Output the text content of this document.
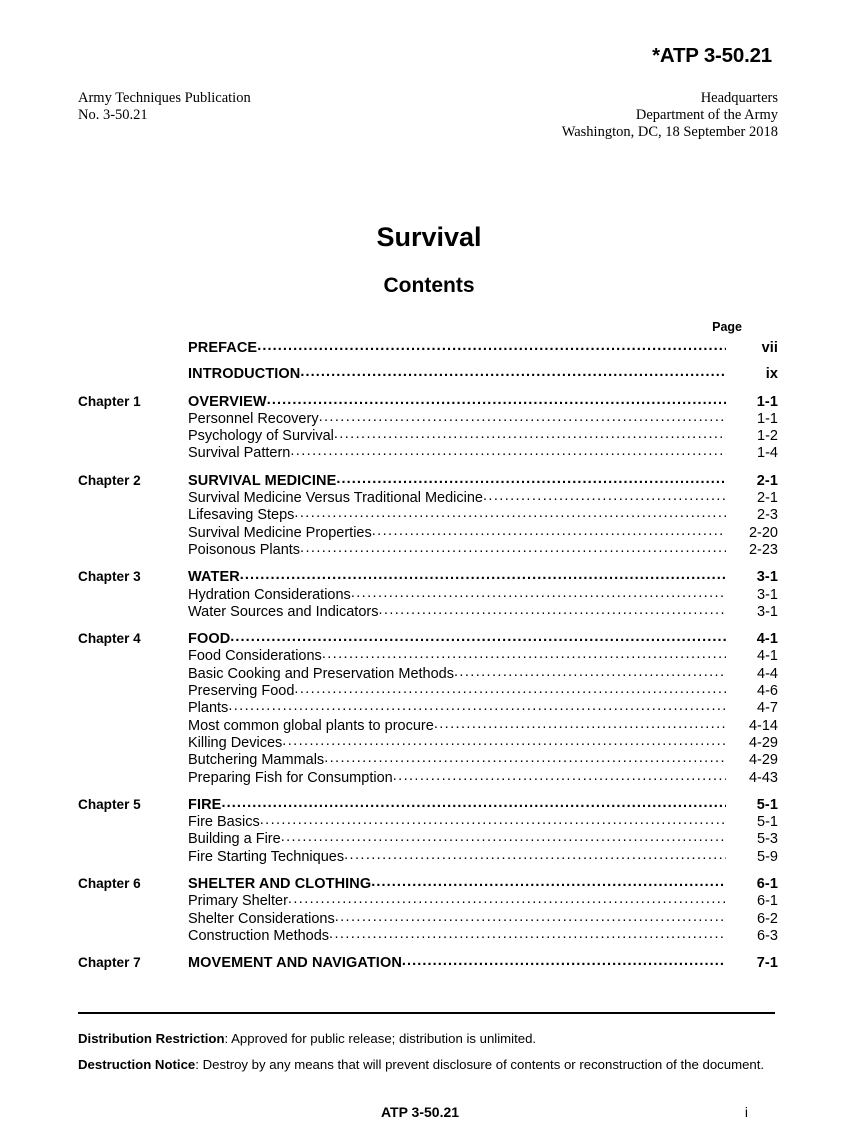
*ATP 3-50.21
Army Techniques Publication
No. 3-50.21
Headquarters
Department of the Army
Washington, DC, 18 September 2018
Survival
Contents
Page
PREFACE .....	vii
INTRODUCTION .....	ix
Chapter 1	OVERVIEW .....	1-1
Personnel Recovery .....	1-1
Psychology of Survival .....	1-2
Survival Pattern .....	1-4
Chapter 2	SURVIVAL MEDICINE .....	2-1
Survival Medicine Versus Traditional Medicine .....	2-1
Lifesaving Steps .....	2-3
Survival Medicine Properties .....	2-20
Poisonous Plants .....	2-23
Chapter 3	WATER .....	3-1
Hydration Considerations .....	3-1
Water Sources and Indicators .....	3-1
Chapter 4	FOOD .....	4-1
Food Considerations .....	4-1
Basic Cooking and Preservation Methods .....	4-4
Preserving Food .....	4-6
Plants .....	4-7
Most common global plants to procure .....	4-14
Killing Devices .....	4-29
Butchering Mammals .....	4-29
Preparing Fish for Consumption .....	4-43
Chapter 5	FIRE .....	5-1
Fire Basics .....	5-1
Building a Fire .....	5-3
Fire Starting Techniques .....	5-9
Chapter 6	SHELTER AND CLOTHING .....	6-1
Primary Shelter .....	6-1
Shelter Considerations .....	6-2
Construction Methods .....	6-3
Chapter 7	MOVEMENT AND NAVIGATION .....	7-1
Distribution Restriction: Approved for public release; distribution is unlimited.
Destruction Notice: Destroy by any means that will prevent disclosure of contents or reconstruction of the document.
ATP 3-50.21	i
